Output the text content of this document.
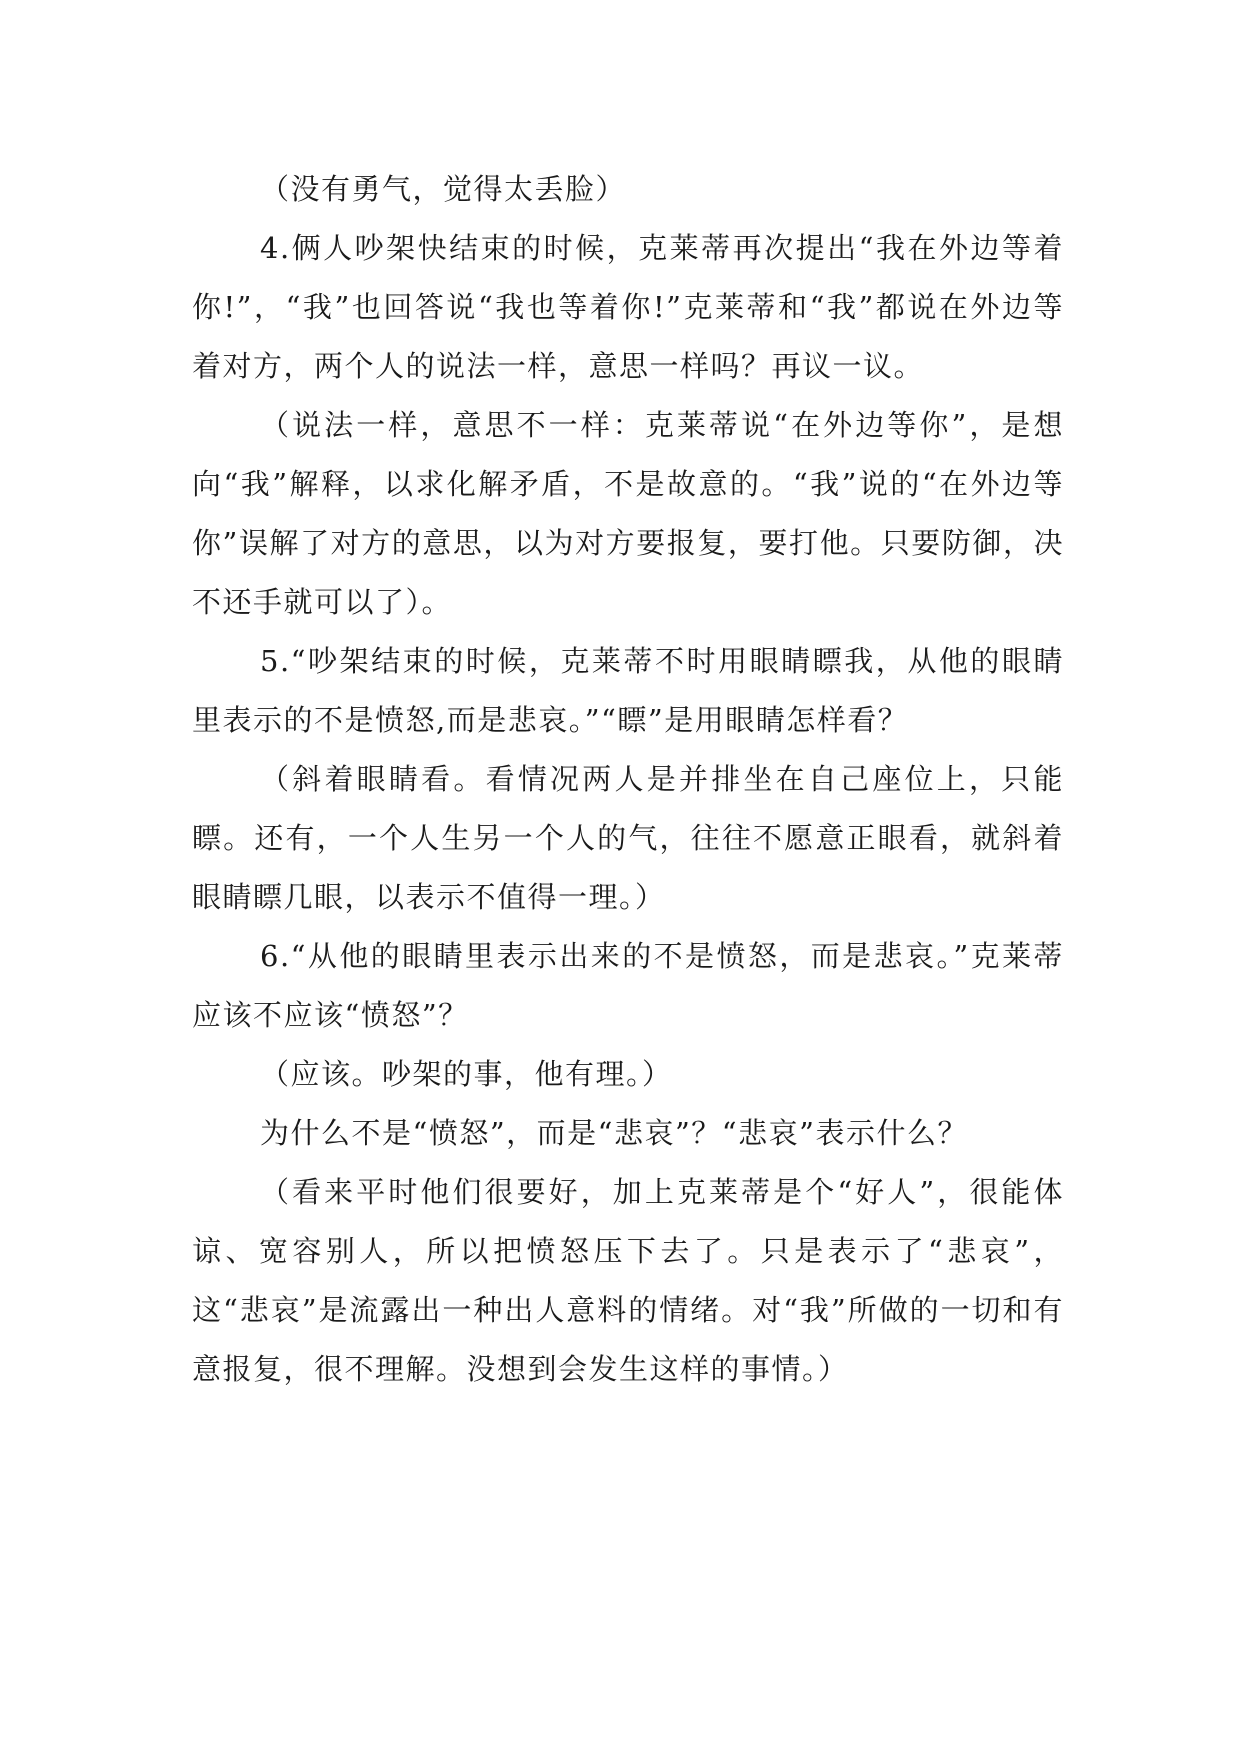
（没有勇气，觉得太丢脸）

4.俩人吵架快结束的时候，克莱蒂再次提出“我在外边等着你!”，“我”也回答说“我也等着你!”克莱蒂和“我”都说在外边等着对方，两个人的说法一样，意思一样吗？再议一议。

（说法一样，意思不一样：克莱蒂说“在外边等你”，是想向“我”解释，以求化解矛盾，不是故意的。“我”说的“在外边等你”误解了对方的意思，以为对方要报复，要打他。只要防御，决不还手就可以了）。

5.“吵架结束的时候，克莱蒂不时用眼睛瞟我，从他的眼睛里表示的不是愤怒,而是悲哀。”“瞟”是用眼睛怎样看？

（斜着眼睛看。看情况两人是并排坐在自己座位上，只能瞟。还有，一个人生另一个人的气，往往不愿意正眼看，就斜着眼睛瞟几眼，以表示不值得一理。）

6.“从他的眼睛里表示出来的不是愤怒，而是悲哀。”克莱蒂应该不应该“愤怒”？

（应该。吵架的事，他有理。）

为什么不是“愤怒”，而是“悲哀”？“悲哀”表示什么？

（看来平时他们很要好，加上克莱蒂是个“好人”，很能体谅、宽容别人，所以把愤怒压下去了。只是表示了“悲哀”，这“悲哀”是流露出一种出人意料的情绪。对“我”所做的一切和有意报复，很不理解。没想到会发生这样的事情。）
